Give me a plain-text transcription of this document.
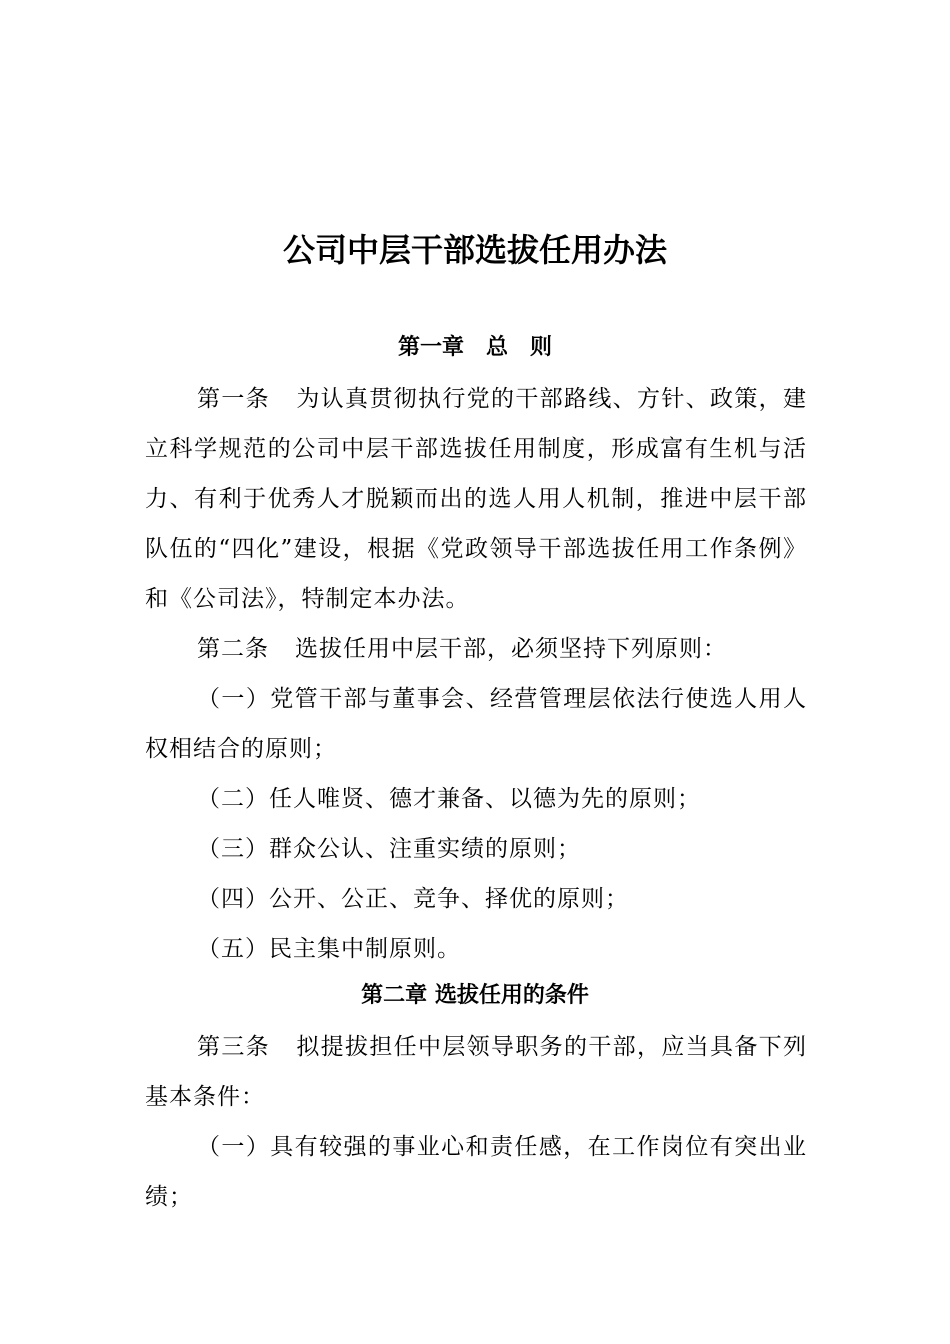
公司中层干部选拔任用办法
第一章　总　则

第一条 为认真贯彻执行党的干部路线、方针、政策，建立科学规范的公司中层干部选拔任用制度，形成富有生机与活力、有利于优秀人才脱颖而出的选人用人机制，推进中层干部队伍的“四化”建设，根据《党政领导干部选拔任用工作条例》和《公司法》，特制定本办法。

第二条 选拔任用中层干部，必须坚持下列原则：

（一）党管干部与董事会、经营管理层依法行使选人用人权相结合的原则；

（二）任人唯贤、德才兼备、以德为先的原则；

（三）群众公认、注重实绩的原则；

（四）公开、公正、竞争、择优的原则；

（五）民主集中制原则。

第二章 选拔任用的条件

第三条 拟提拔担任中层领导职务的干部，应当具备下列基本条件：

（一）具有较强的事业心和责任感，在工作岗位有突出业绩；
